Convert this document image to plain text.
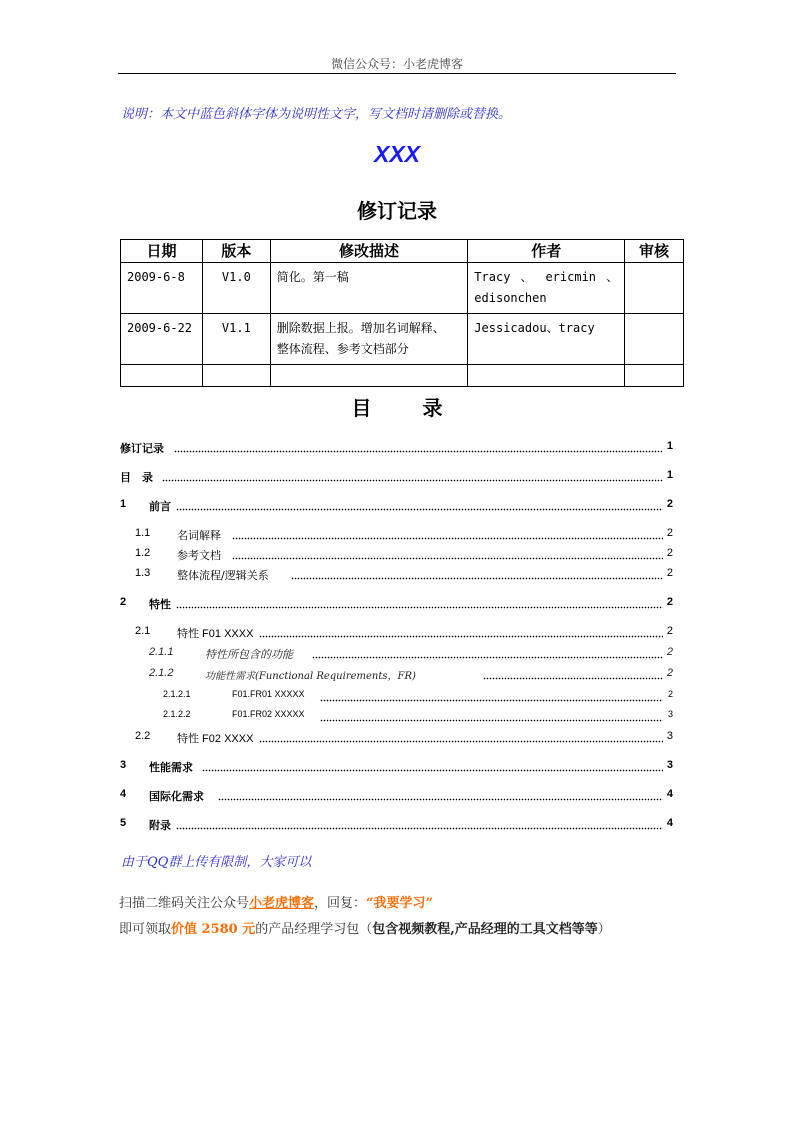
微信公众号：小老虎博客
说明：本文中蓝色斜体字体为说明性文字，写文档时请删除或替换。
XXX
修订记录
日期	版本	修改描述	作者	审核
2009-6-8	V1.0	简化。第一稿	Tracy 、 ericmin 、
edisonchen	
2009-6-22	V1.1	删除数据上报。增加名词解释、
整体流程、参考文档部分	Jessicadou、tracy	

目 录
修订记录	1
目　录	1
1 前言	2
1.1 名词解释	2
1.2 参考文档	2
1.3 整体流程/逻辑关系	2
2 特性	2
2.1 特性 F01 XXXX	2
2.1.1	特性所包含的功能	2
2.1.2	功能性需求(Functional Requirements，FR)	2
2.1.2.1	F01.FR01 XXXXX	2
2.1.2.2	F01.FR02 XXXXX	3
2.2 特性 F02 XXXX	3
3 性能需求	3
4 国际化需求	4
5 附录	4
由于QQ群上传有限制，大家可以
扫描二维码关注公众号小老虎博客，回复：“我要学习”
即可领取价值 2580 元的产品经理学习包（包含视频教程,产品经理的工具文档等等）
